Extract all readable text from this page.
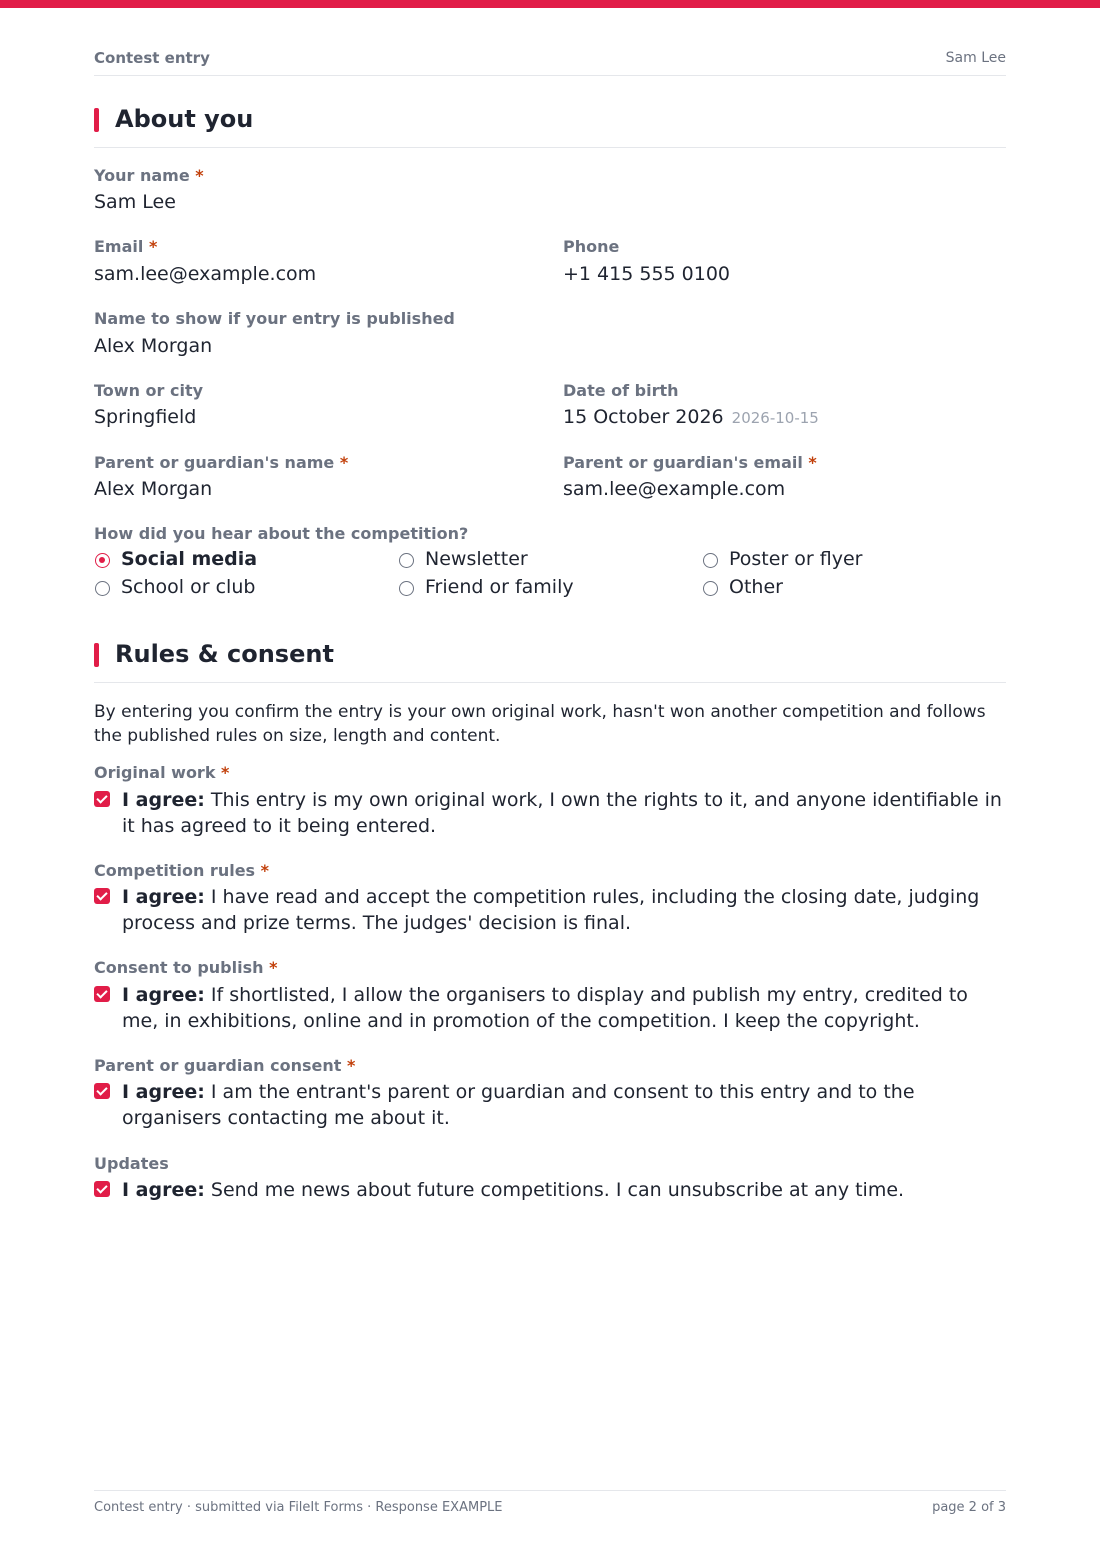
Contest entry	Sam Lee
About you
Your name *
Sam Lee
Email *
sam.lee@example.com
Phone
+1 415 555 0100
Name to show if your entry is published
Alex Morgan
Town or city
Springfield
Date of birth
15 October 2026 2026-10-15
Parent or guardian's name *
Alex Morgan
Parent or guardian's email *
sam.lee@example.com
How did you hear about the competition?
Social media	Newsletter	Poster or flyer
School or club	Friend or family	Other
Rules & consent
By entering you confirm the entry is your own original work, hasn't won another competition and follows the published rules on size, length and content.
Original work *
I agree: This entry is my own original work, I own the rights to it, and anyone identifiable in it has agreed to it being entered.
Competition rules *
I agree: I have read and accept the competition rules, including the closing date, judging process and prize terms. The judges' decision is final.
Consent to publish *
I agree: If shortlisted, I allow the organisers to display and publish my entry, credited to me, in exhibitions, online and in promotion of the competition. I keep the copyright.
Parent or guardian consent *
I agree: I am the entrant's parent or guardian and consent to this entry and to the organisers contacting me about it.
Updates
I agree: Send me news about future competitions. I can unsubscribe at any time.
Contest entry · submitted via FileIt Forms · Response EXAMPLE	page 2 of 3
